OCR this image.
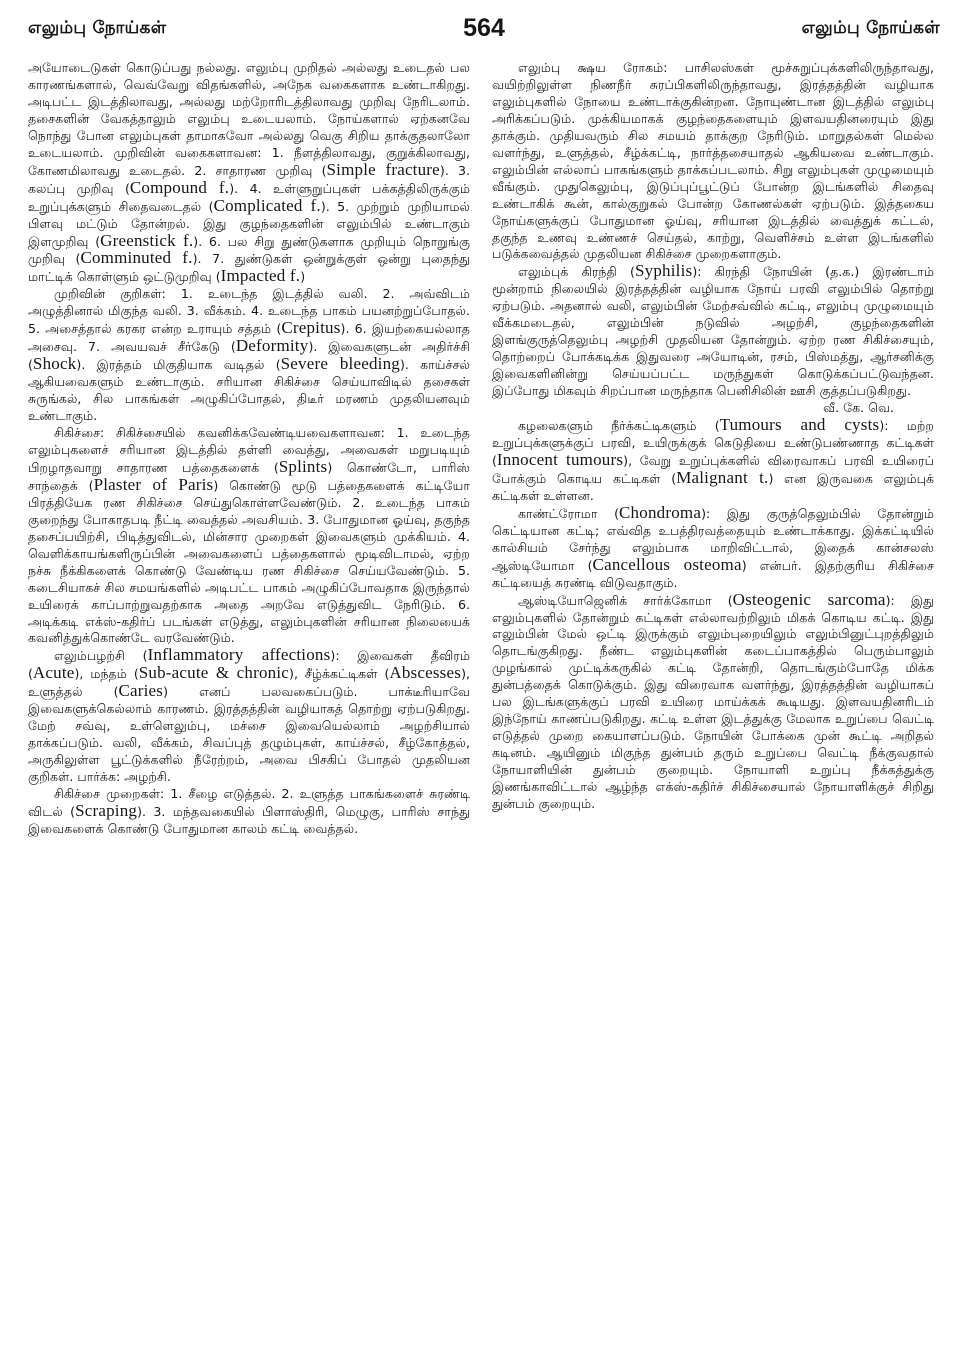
எலும்பு நோய்கள்	564	எலும்பு நோய்கள்

அயோடைடுகள் கொடுப்பது நல்லது. எலும்பு முறிதல் அல்லது உடைதல் பல காரணங்களால், வெவ்வேறு விதங்களில், அநேக வகைகளாக உண்டாகிறது. அடிபட்ட இடத்திலாவது, அல்லது மற்றோரிடத்திலாவது முறிவு நேரிடலாம். தசைகளின் வேகத்தாலும் எலும்பு உடையலாம். நோய்களால் ஏற்கனவே நொந்து போன எலும்புகள் தாமாகவோ அல்லது வெகு சிறிய தாக்குதலாலோ உடையலாம். முறிவின் வகைகளாவன: 1. நீளத்திலாவது, குறுக்கிலாவது, கோணமிலாவது உடைதல். 2. சாதாரண முறிவு (Simple fracture). 3. கலப்பு முறிவு (Compound f.). 4. உள்ளுறுப்புகள் பக்கத்திலிருக்கும் உறுப்புக்களும் சிதைவடைதல் (Complicated f.). 5. முற்றும் முறியாமல் பிளவு மட்டும் தோன்றல். இது குழந்தைகளின் எலும்பில் உண்டாகும் இளமுறிவு (Greenstick f.). 6. பல சிறு துண்டுகளாக முறியும் நொறுங்கு முறிவு (Comminuted f.). 7. துண்டுகள் ஒன்றுக்குள் ஒன்று புதைந்து மாட்டிக் கொள்ளும் ஒட்டுமுறிவு (Impacted f.)

முறிவின் குறிகள்: 1. உடைந்த இடத்தில் வலி. 2. அவ்விடம் அழுத்தினால் மிகுந்த வலி. 3. வீக்கம். 4. உடைந்த பாகம் பயனற்றுப்போதல். 5. அசைத்தால் கரகர என்ற உராயும் சத்தம் (Crepitus). 6. இயற்கையல்லாத அசைவு. 7. அவயவச் சீர்கேடு (Deformity). இவைகளுடன் அதிர்ச்சி (Shock). இரத்தம் மிகுதியாக வடிதல் (Severe bleeding). காய்ச்சல் ஆகியவைகளும் உண்டாகும். சரியான சிகிச்சை செய்யாவிடில் தசைகள் சுருங்கல், சில பாகங்கள் அழுகிப்போதல், திடீர் மரணம் முதலியனவும் உண்டாகும்.

சிகிச்சை: சிகிச்சையில் கவனிக்கவேண்டியவைகளாவன: 1. உடைந்த எலும்புகளைச் சரியான இடத்தில் தள்ளி வைத்து, அவைகள் மறுபடியும் பிறழாதவாறு சாதாரண பத்தைகளைக் (Splints) கொண்டோ, பாரிஸ் சாந்தைக் (Plaster of Paris) கொண்டு மூடு பத்தைகளைக் கட்டியோ பிரத்தியேக ரண சிகிச்சை செய்துகொள்ளவேண்டும். 2. உடைந்த பாகம் குறைந்து போகாதபடி நீட்டி வைத்தல் அவசியம். 3. போதுமான ஓய்வு, தகுந்த தசைப்பயிற்சி, பிடித்துவிடல், மின்சார முறைகள் இவைகளும் முக்கியம். 4. வெளிக்காயங்களிருப்பின் அவைகளைப் பத்தைகளால் மூடிவிடாமல், ஏற்ற நச்சு நீக்கிகளைக் கொண்டு வேண்டிய ரண சிகிச்சை செய்யவேண்டும். 5. கடைசியாகச் சில சமயங்களில் அடிபட்ட பாகம் அழுகிப்போவதாக இருந்தால் உயிரைக் காப்பாற்றுவதற்காக அதை அறவே எடுத்துவிட நேரிடும். 6. அடிக்கடி எக்ஸ்-கதிர்ப் படங்கள் எடுத்து, எலும்புகளின் சரியான நிலையைக் கவனித்துக்கொண்டே வரவேண்டும்.

எலும்பழற்சி (Inflammatory affections): இவைகள் தீவிரம் (Acute), மந்தம் (Sub-acute & chronic), சீழ்க்கட்டிகள் (Abscesses), உளுத்தல் (Caries) எனப் பலவகைப்படும். பாக்டீரியாவே இவைகளுக்கெல்லாம் காரணம். இரத்தத்தின் வழியாகத் தொற்று ஏற்படுகிறது. மேற் சவ்வு, உள்ளெலும்பு, மச்சை இவையெல்லாம் அழற்சியால் தாக்கப்படும். வலி, வீக்கம், சிவப்புத் தழும்புகள், காய்ச்சல், சீழ்கோத்தல், அருகிலுள்ள பூட்டுக்களில் நீரேற்றம், அவை பிசகிப் போதல் முதலியன குறிகள். பார்க்க: அழற்சி.

சிகிச்சை முறைகள்: 1. சீழை எடுத்தல். 2. உளுத்த பாகங்களைச் சுரண்டி விடல் (Scraping). 3. மந்தவகையில் பிளாஸ்திரி, மெழுகு, பாரிஸ் சாந்து இவைகளைக் கொண்டு போதுமான காலம் கட்டி வைத்தல்.

எலும்பு க்ஷய ரோகம்: பாசிலஸ்கள் மூச்சுறுப்புக்களிலிருந்தாவது, வயிற்றிலுள்ள நிணநீர் சுரப்பிகளிலிருந்தாவது, இரத்தத்தின் வழியாக எலும்புகளில் நோயை உண்டாக்குகின்றன. நோயுண்டான இடத்தில் எலும்பு அரிக்கப்படும். முக்கியமாகக் குழந்தைகளையும் இளவயதினரையும் இது தாக்கும். முதியவரும் சில சமயம் தாக்குற நேரிடும். மாறுதல்கள் மெல்ல வளர்ந்து, உளுத்தல், சீழ்க்கட்டி, நார்த்தசையாதல் ஆகியவை உண்டாகும். எலும்பின் எல்லாப் பாகங்களும் தாக்கப்படலாம். சிறு எலும்புகள் முழுமையும் வீங்கும். முதுகெலும்பு, இடுப்புப்பூட்டுப் போன்ற இடங்களில் சிதைவு உண்டாகிக் கூன், கால்குறுகல் போன்ற கோணல்கள் ஏற்படும். இத்தகைய நோய்களுக்குப் போதுமான ஓய்வு, சரியான இடத்தில் வைத்துக் கட்டல், தகுந்த உணவு உண்ணச் செய்தல், காற்று, வெளிச்சம் உள்ள இடங்களில் படுக்கவைத்தல் முதலியன சிகிச்சை முறைகளாகும்.

எலும்புக் கிரந்தி (Syphilis): கிரந்தி நோயின் (த.க.) இரண்டாம் மூன்றாம் நிலையில் இரத்தத்தின் வழியாக நோய் பரவி எலும்பில் தொற்று ஏற்படும். அதனால் வலி, எலும்பின் மேற்சவ்வில் கட்டி, எலும்பு முழுமையும் வீக்கமடைதல், எலும்பின் நடுவில் அழற்சி, குழந்தைகளின் இளங்குருத்தெலும்பு அழற்சி முதலியன தோன்றும். ஏற்ற ரண சிகிச்சையும், தொற்றைப் போக்கடிக்க இதுவரை அயோடின், ரசம், பிஸ்மத்து, ஆர்சனிக்கு இவைகளினின்று செய்யப்பட்ட மருந்துகள் கொடுக்கப்பட்டுவந்தன. இப்போது மிகவும் சிறப்பான மருந்தாக பெனிசிலின் ஊசி குத்தப்படுகிறது.

வீ. கே. வெ.

கழலைகளும் நீர்க்கட்டிகளும் (Tumours and cysts): மற்ற உறுப்புக்களுக்குப் பரவி, உயிருக்குக் கெடுதியை உண்டுபண்ணாத கட்டிகள் (Innocent tumours), வேறு உறுப்புக்களில் விரைவாகப் பரவி உயிரைப் போக்கும் கொடிய கட்டிகள் (Malignant t.) என இருவகை எலும்புக் கட்டிகள் உள்ளன.

காண்ட்ரோமா (Chondroma): இது குருத்தெலும்பில் தோன்றும் கெட்டியான கட்டி; எவ்வித உபத்திரவத்தையும் உண்டாக்காது. இக்கட்டியில் கால்சியம் சேர்ந்து எலும்பாக மாறிவிட்டால், இதைக் கான்சலஸ் ஆஸ்டியோமா (Cancellous osteoma) என்பர். இதற்குரிய சிகிச்சை கட்டியைத் சுரண்டி விடுவதாகும்.

ஆஸ்டியோஜெனிக் சார்க்கோமா (Osteogenic sarcoma): இது எலும்புகளில் தோன்றும் கட்டிகள் எல்லாவற்றிலும் மிகக் கொடிய கட்டி. இது எலும்பின் மேல் ஒட்டி இருக்கும் எலும்புறையிலும் எலும்பினுட்புறத்திலும் தொடங்குகிறது. நீண்ட எலும்புகளின் கடைப்பாகத்தில் பெரும்பாலும் முழங்கால் முட்டிக்கருகில் கட்டி தோன்றி, தொடங்கும்போதே மிக்க துன்பத்தைக் கொடுக்கும். இது விரைவாக வளர்ந்து, இரத்தத்தின் வழியாகப் பல இடங்களுக்குப் பரவி உயிரை மாய்க்கக் கூடியது. இளவயதினரிடம் இந்நோய் காணப்படுகிறது. கட்டி உள்ள இடத்துக்கு மேலாக உறுப்பை வெட்டி எடுத்தல் முறை கையாளப்படும். நோயின் போக்கை முன் கூட்டி அறிதல் கடினம். ஆயினும் மிகுந்த துன்பம் தரும் உறுப்பை வெட்டி நீக்குவதால் நோயாளியின் துன்பம் குறையும். நோயாளி உறுப்பு நீக்கத்துக்கு இணங்காவிட்டால் ஆழ்ந்த எக்ஸ்-கதிர்ச் சிகிச்சையால் நோயாளிக்குச் சிறிது துன்பம் குறையும்.
